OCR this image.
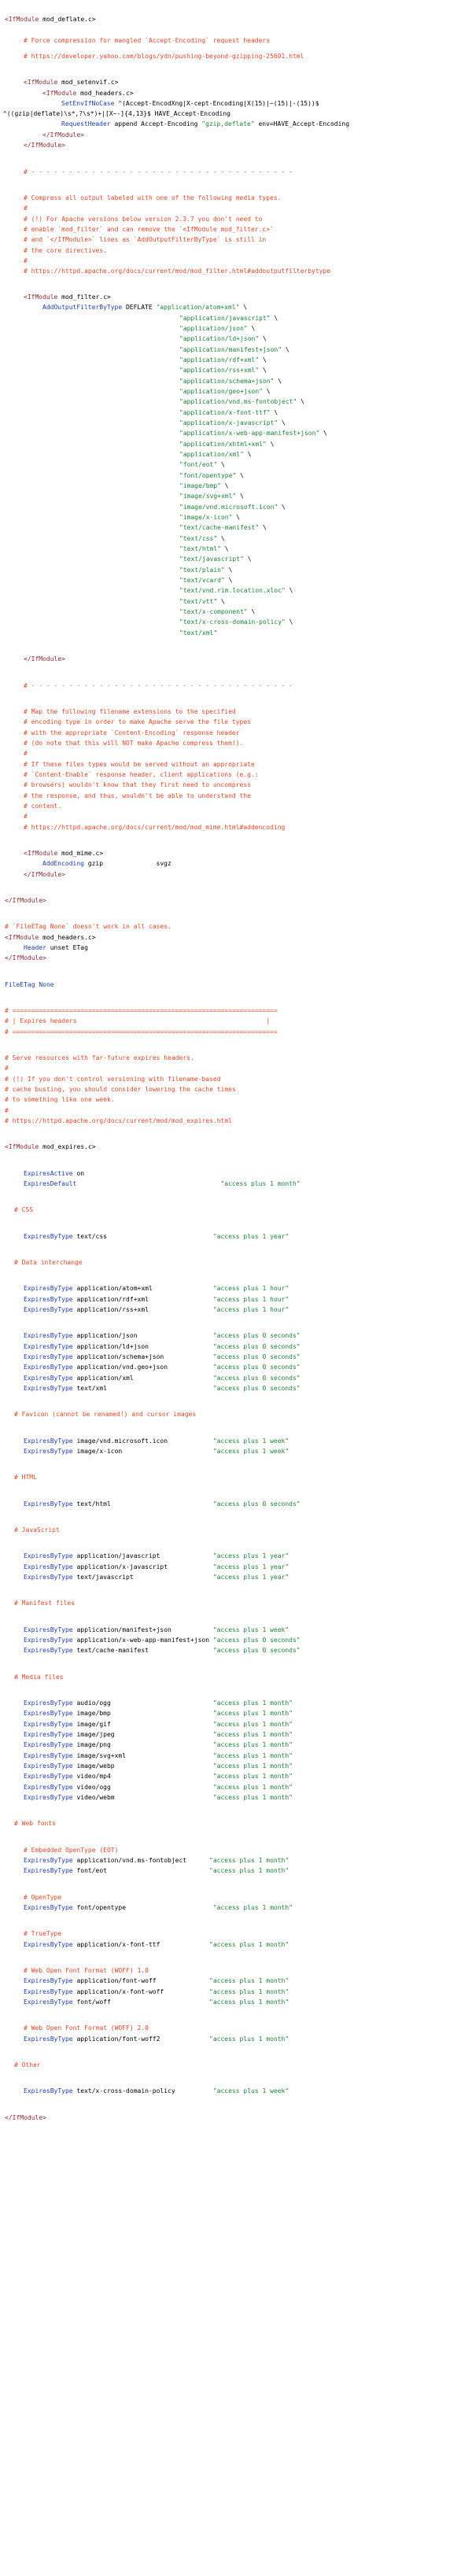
<IfModule mod_deflate.c>
# Force compression for mangled `Accept-Encoding` request headers
# https://developer.yahoo.com/blogs/ydn/pushing-beyond-gzipping-25601.html
<IfModule mod_setenvif.c>
<IfModule mod_headers.c>
SetEnvIfNoCase ^(Accept-EncodXng|X-cept-Encoding|X(15)|~(15)|-(15))$
^((gzip|deflate)\s*,?\s*)+|[X~-]{4,13}$ HAVE_Accept-Encoding
RequestHeader append Accept-Encoding "gzip,deflate" env=HAVE_Accept-Encoding
</IfModule>
</IfModule>
# - - - - - - - - - - - - - - - - - - - - - - - - - - - - - - - - - - -
# Compress all output labeled with one of the following media types.
#
# (!) For Apache versions below version 2.3.7 you don't need to
# enable `mod_filter` and can remove the `<IfModule mod_filter.c>`
# and `</IfModule>` lines as `AddOutputFilterByType` is still in
# the core directives.
#
# https://httpd.apache.org/docs/current/mod/mod_filter.html#addoutputfilterbytype
<IfModule mod_filter.c>
AddOutputFilterByType DEFLATE "application/atom+xml" \
"application/javascript" \
"application/json" \
"application/ld+json" \
"application/manifest+json" \
"application/rdf+xml" \
"application/rss+xml" \
"application/schema+json" \
"application/geo+json" \
"application/vnd.ms-fontobject" \
"application/x-font-ttf" \
"application/x-javascript" \
"application/x-web-app-manifest+json" \
"application/xhtml+xml" \
"application/xml" \
"font/eot" \
"font/opentype" \
"image/bmp" \
"image/svg+xml" \
"image/vnd.microsoft.icon" \
"image/x-icon" \
"text/cache-manifest" \
"text/css" \
"text/html" \
"text/javascript" \
"text/plain" \
"text/vcard" \
"text/vnd.rim.location.xloc" \
"text/vtt" \
"text/x-component" \
"text/x-cross-domain-policy" \
"text/xml"
</IfModule>
# - - - - - - - - - - - - - - - - - - - - - - - - - - - - - - - - - - -
# Map the following filename extensions to the specified
# encoding type in order to make Apache serve the file types
# with the appropriate `Content-Encoding` response header
# (do note that this will NOT make Apache compress them!).
#
# If these files types would be served without an appropriate
# `Content-Enable` response header, client applications (e.g.:
# browsers) wouldn't know that they first need to uncompress
# the response, and thus, wouldn't be able to understand the
# content.
#
# https://httpd.apache.org/docs/current/mod/mod_mime.html#addencoding
<IfModule mod_mime.c>
AddEncoding gzip              svgz
</IfModule>
</IfModule>
# `FileETag None` doesn't work in all cases.
<IfModule mod_headers.c>
Header unset ETag
</IfModule>
FileETag None
# ======================================================================
# | Expires headers                                                  |
# ======================================================================
# Serve resources with far-future expires headers.
#
# (!) If you don't control versioning with filename-based
# cache busting, you should consider lowering the cache times
# to something like one week.
#
# https://httpd.apache.org/docs/current/mod/mod_expires.html
<IfModule mod_expires.c>
ExpiresActive on
ExpiresDefault	"access plus 1 month"
# CSS
ExpiresByType text/css                            "access plus 1 year"
# Data interchange
ExpiresByType application/atom+xml                "access plus 1 hour"
ExpiresByType application/rdf+xml                 "access plus 1 hour"
ExpiresByType application/rss+xml                 "access plus 1 hour"
ExpiresByType application/json                    "access plus 0 seconds"
ExpiresByType application/ld+json                 "access plus 0 seconds"
ExpiresByType application/schema+json             "access plus 0 seconds"
ExpiresByType application/vnd.geo+json            "access plus 0 seconds"
ExpiresByType application/xml                     "access plus 0 seconds"
ExpiresByType text/xml                            "access plus 0 seconds"
# Favicon (cannot be renamed!) and cursor images
ExpiresByType image/vnd.microsoft.icon            "access plus 1 week"
ExpiresByType image/x-icon                        "access plus 1 week"
# HTML
ExpiresByType text/html                           "access plus 0 seconds"
# JavaScript
ExpiresByType application/javascript              "access plus 1 year"
ExpiresByType application/x-javascript            "access plus 1 year"
ExpiresByType text/javascript                     "access plus 1 year"
# Manifest files
ExpiresByType application/manifest+json           "access plus 1 week"
ExpiresByType application/x-web-app-manifest+json "access plus 0 seconds"
ExpiresByType text/cache-manifest                 "access plus 0 seconds"
# Media files
ExpiresByType audio/ogg                           "access plus 1 month"
ExpiresByType image/bmp                           "access plus 1 month"
ExpiresByType image/gif                           "access plus 1 month"
ExpiresByType image/jpeg                          "access plus 1 month"
ExpiresByType image/png                           "access plus 1 month"
ExpiresByType image/svg+xml                       "access plus 1 month"
ExpiresByType image/webp                          "access plus 1 month"
ExpiresByType video/mp4                           "access plus 1 month"
ExpiresByType video/ogg                           "access plus 1 month"
ExpiresByType video/webm                          "access plus 1 month"
# Web fonts
# Embedded OpenType (EOT)
ExpiresByType application/vnd.ms-fontobject      "access plus 1 month"
ExpiresByType font/eot                           "access plus 1 month"
# OpenType
ExpiresByType font/opentype                       "access plus 1 month"
# TrueType
ExpiresByType application/x-font-ttf             "access plus 1 month"
# Web Open Font Format (WOFF) 1.0
ExpiresByType application/font-woff              "access plus 1 month"
ExpiresByType application/x-font-woff            "access plus 1 month"
ExpiresByType font/woff                          "access plus 1 month"
# Web Open Font Format (WOFF) 2.0
ExpiresByType application/font-woff2             "access plus 1 month"
# Other
ExpiresByType text/x-cross-domain-policy          "access plus 1 week"
</IfModule>
